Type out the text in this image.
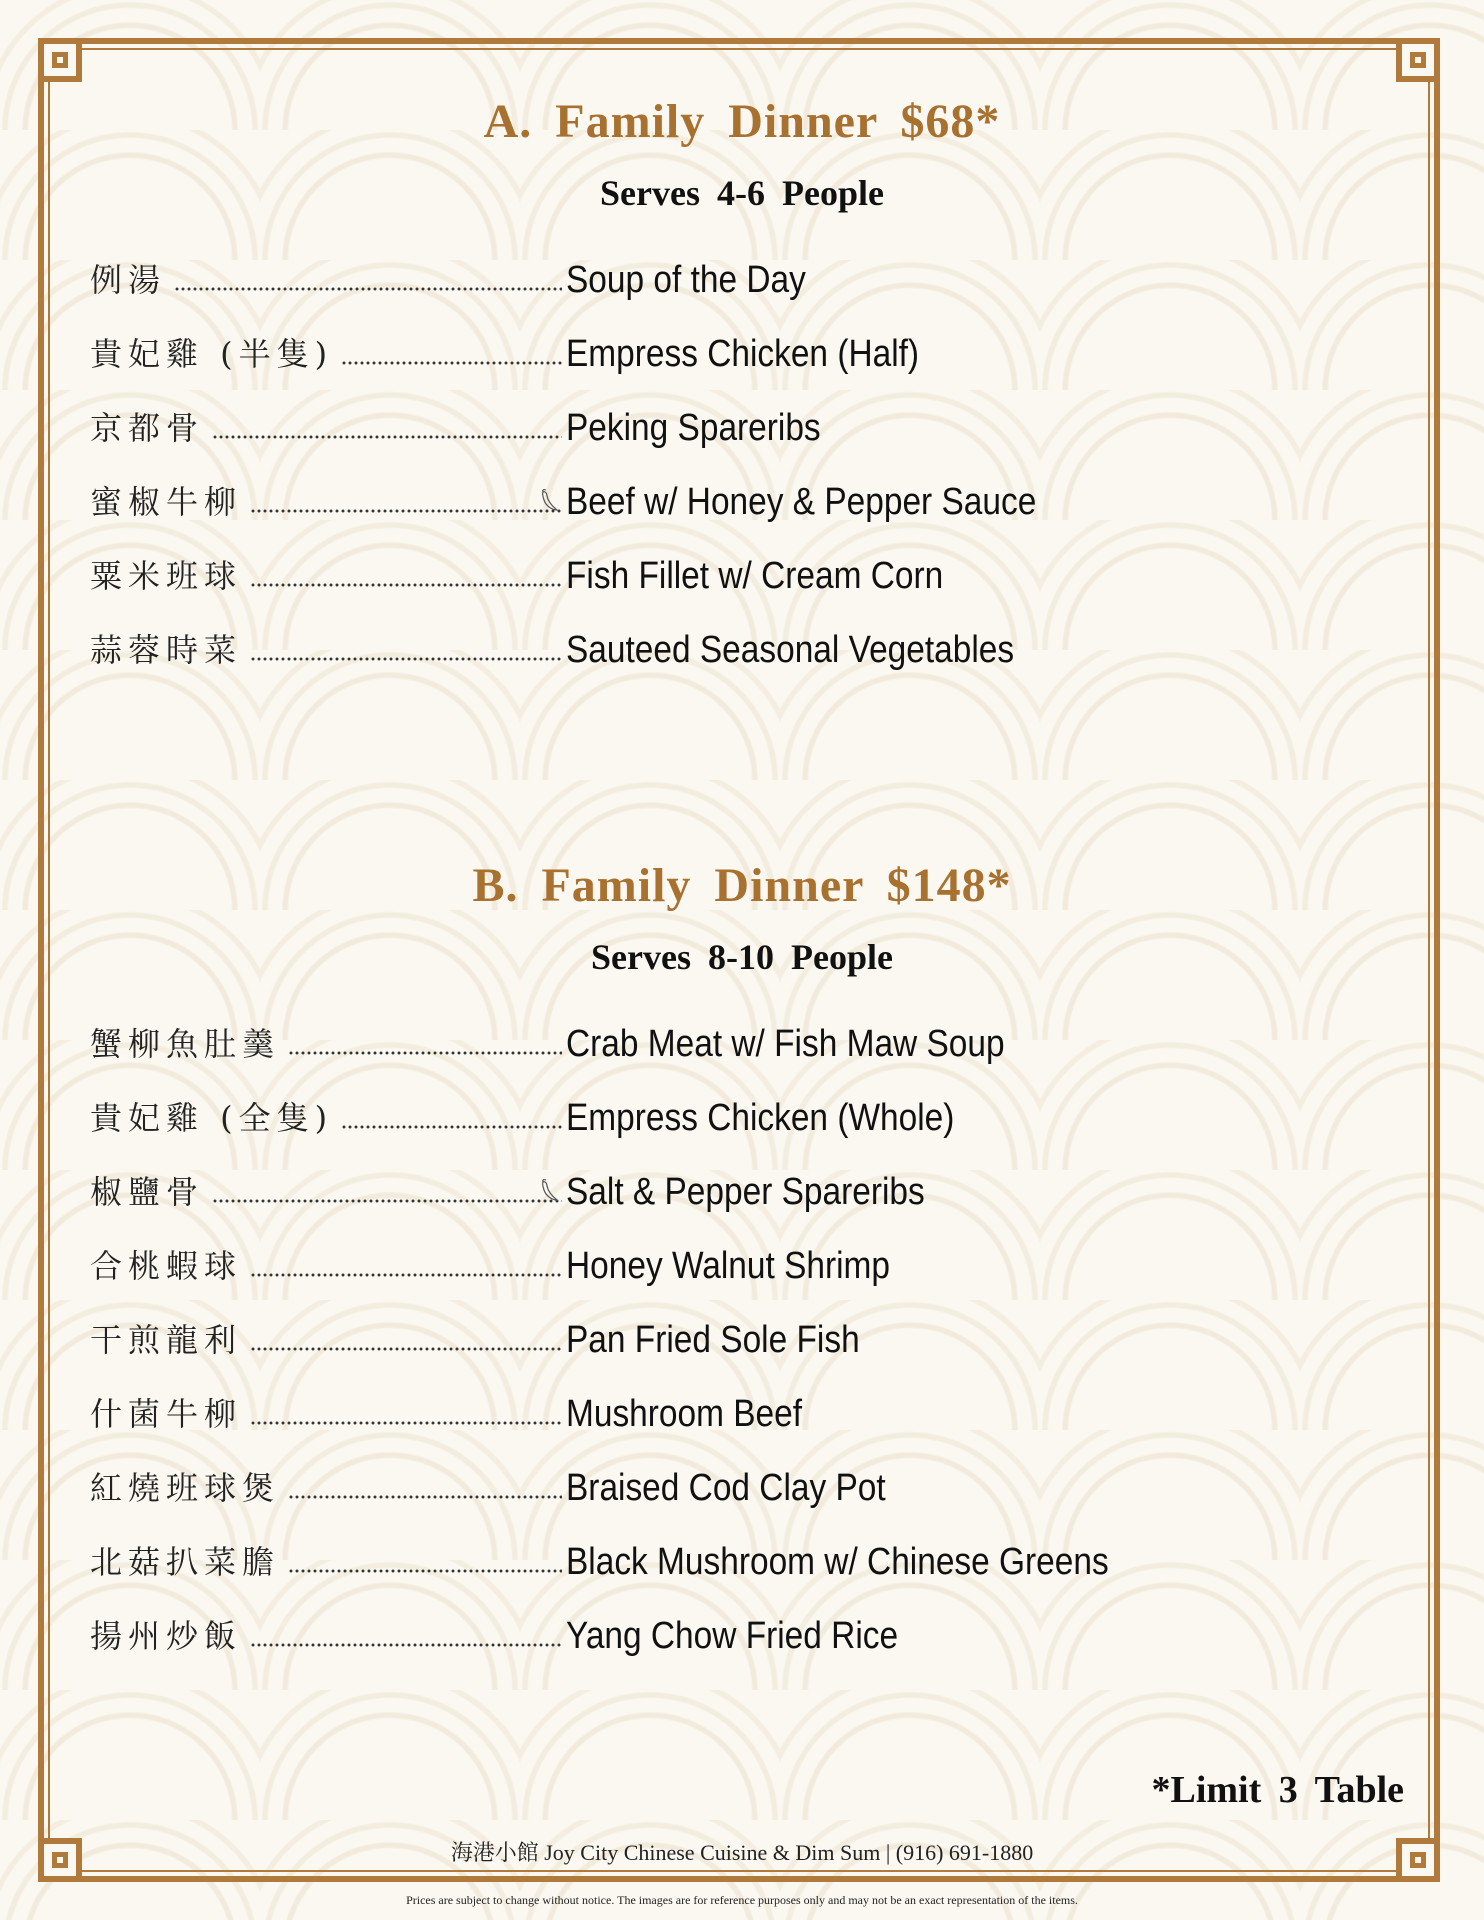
A. Family Dinner $68*
Serves 4-6 People
例湯	Soup of the Day
貴妃雞 (半隻)	Empress Chicken (Half)
京都骨	Peking Spareribs
蜜椒牛柳	Beef w/ Honey & Pepper Sauce
粟米班球	Fish Fillet w/ Cream Corn
蒜蓉時菜	Sauteed Seasonal Vegetables
B. Family Dinner $148*
Serves 8-10 People
蟹柳魚肚羹	Crab Meat w/ Fish Maw Soup
貴妃雞 (全隻)	Empress Chicken (Whole)
椒鹽骨	Salt & Pepper Spareribs
合桃蝦球	Honey Walnut Shrimp
干煎龍利	Pan Fried Sole Fish
什菌牛柳	Mushroom Beef
紅燒班球煲	Braised Cod Clay Pot
北菇扒菜膽	Black Mushroom w/ Chinese Greens
揚州炒飯	Yang Chow Fried Rice
*Limit 3 Table
海港小館 Joy City Chinese Cuisine & Dim Sum | (916) 691-1880
Prices are subject to change without notice. The images are for reference purposes only and may not be an exact representation of the items.
